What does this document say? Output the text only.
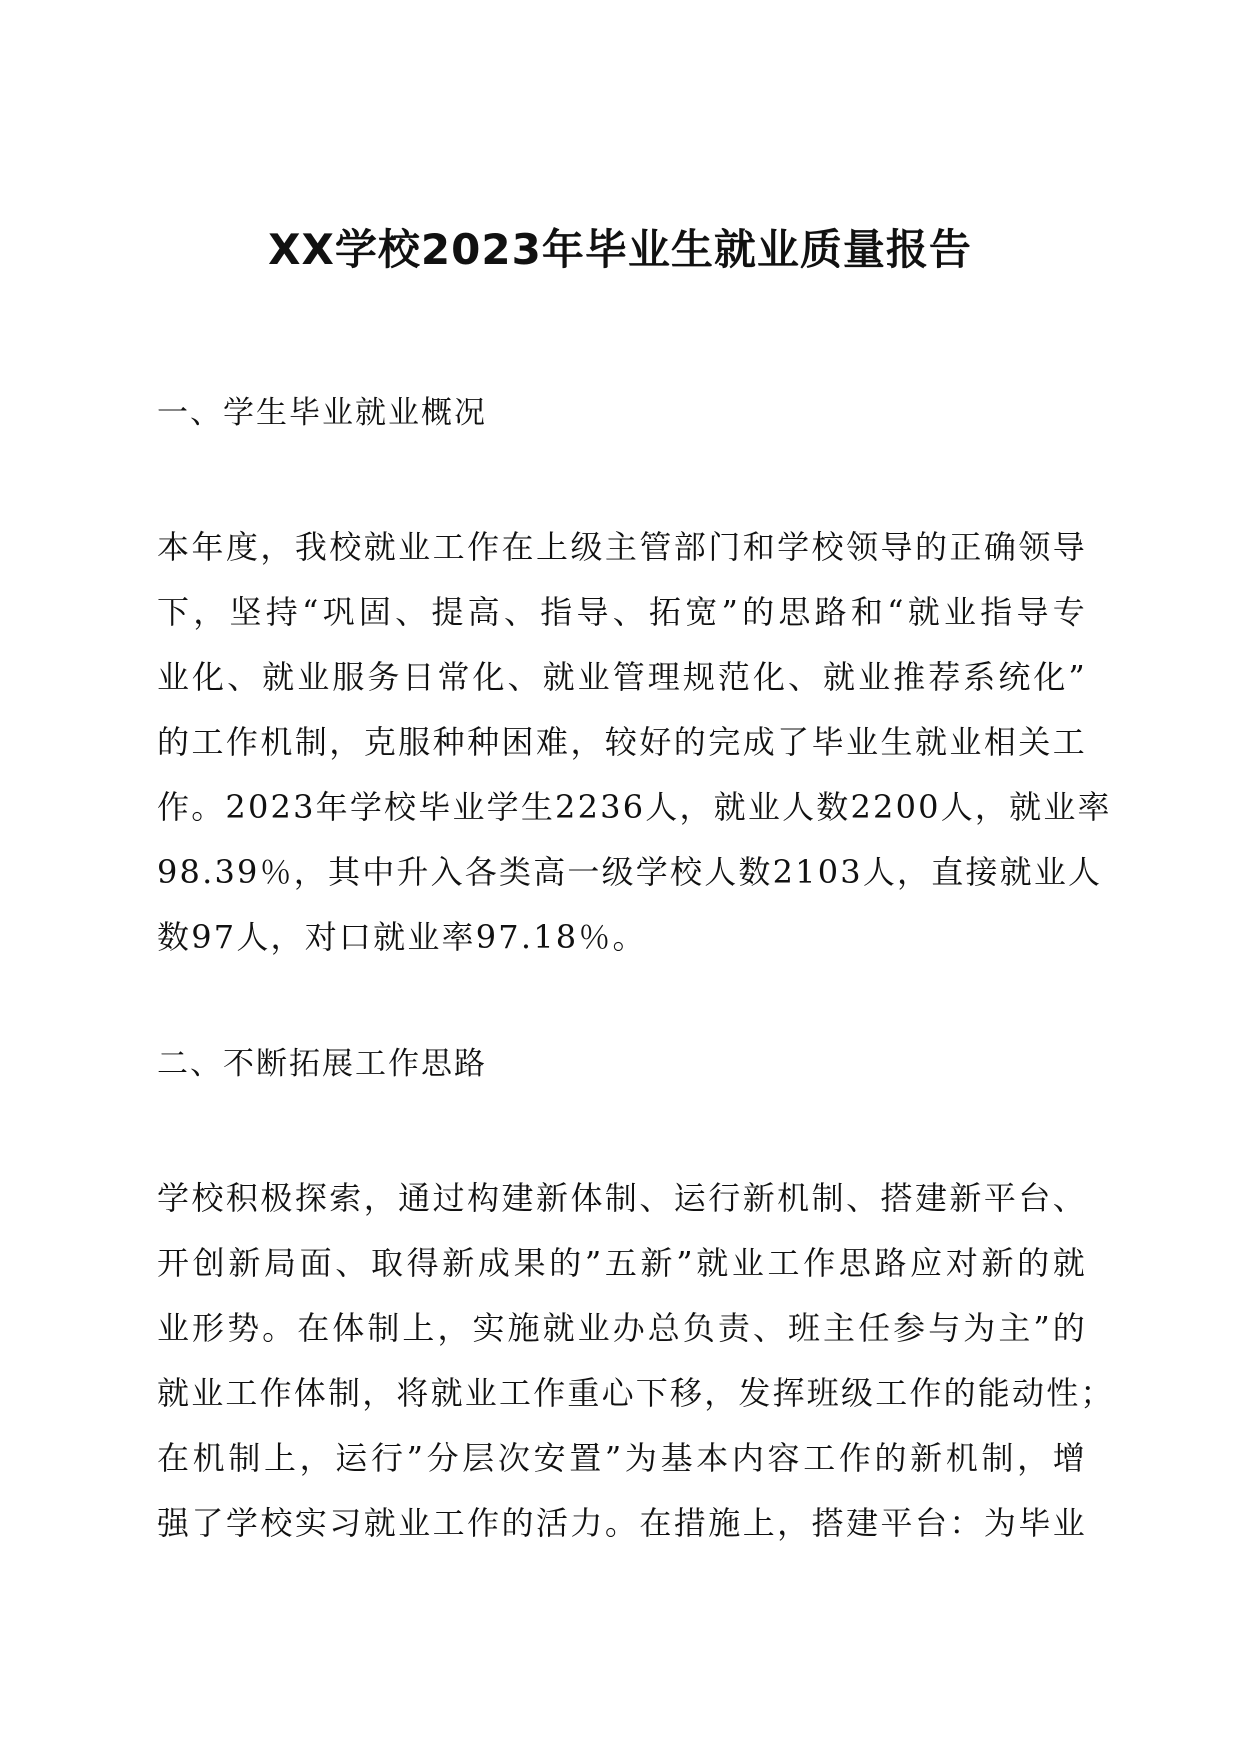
XX学校2023年毕业生就业质量报告
一、学生毕业就业概况
本年度，我校就业工作在上级主管部门和学校领导的正确领导
下，坚持“巩固、提高、指导、拓宽”的思路和“就业指导专
业化、就业服务日常化、就业管理规范化、就业推荐系统化”
的工作机制，克服种种困难，较好的完成了毕业生就业相关工
作。2023年学校毕业学生2236人，就业人数2200人，就业率
98.39％，其中升入各类高一级学校人数2103人，直接就业人
数97人，对口就业率97.18％。
二、不断拓展工作思路
学校积极探索，通过构建新体制、运行新机制、搭建新平台、
开创新局面、取得新成果的”五新”就业工作思路应对新的就
业形势。在体制上，实施就业办总负责、班主任参与为主”的
就业工作体制，将就业工作重心下移，发挥班级工作的能动性；
在机制上，运行”分层次安置”为基本内容工作的新机制，增
强了学校实习就业工作的活力。在措施上，搭建平台：为毕业
